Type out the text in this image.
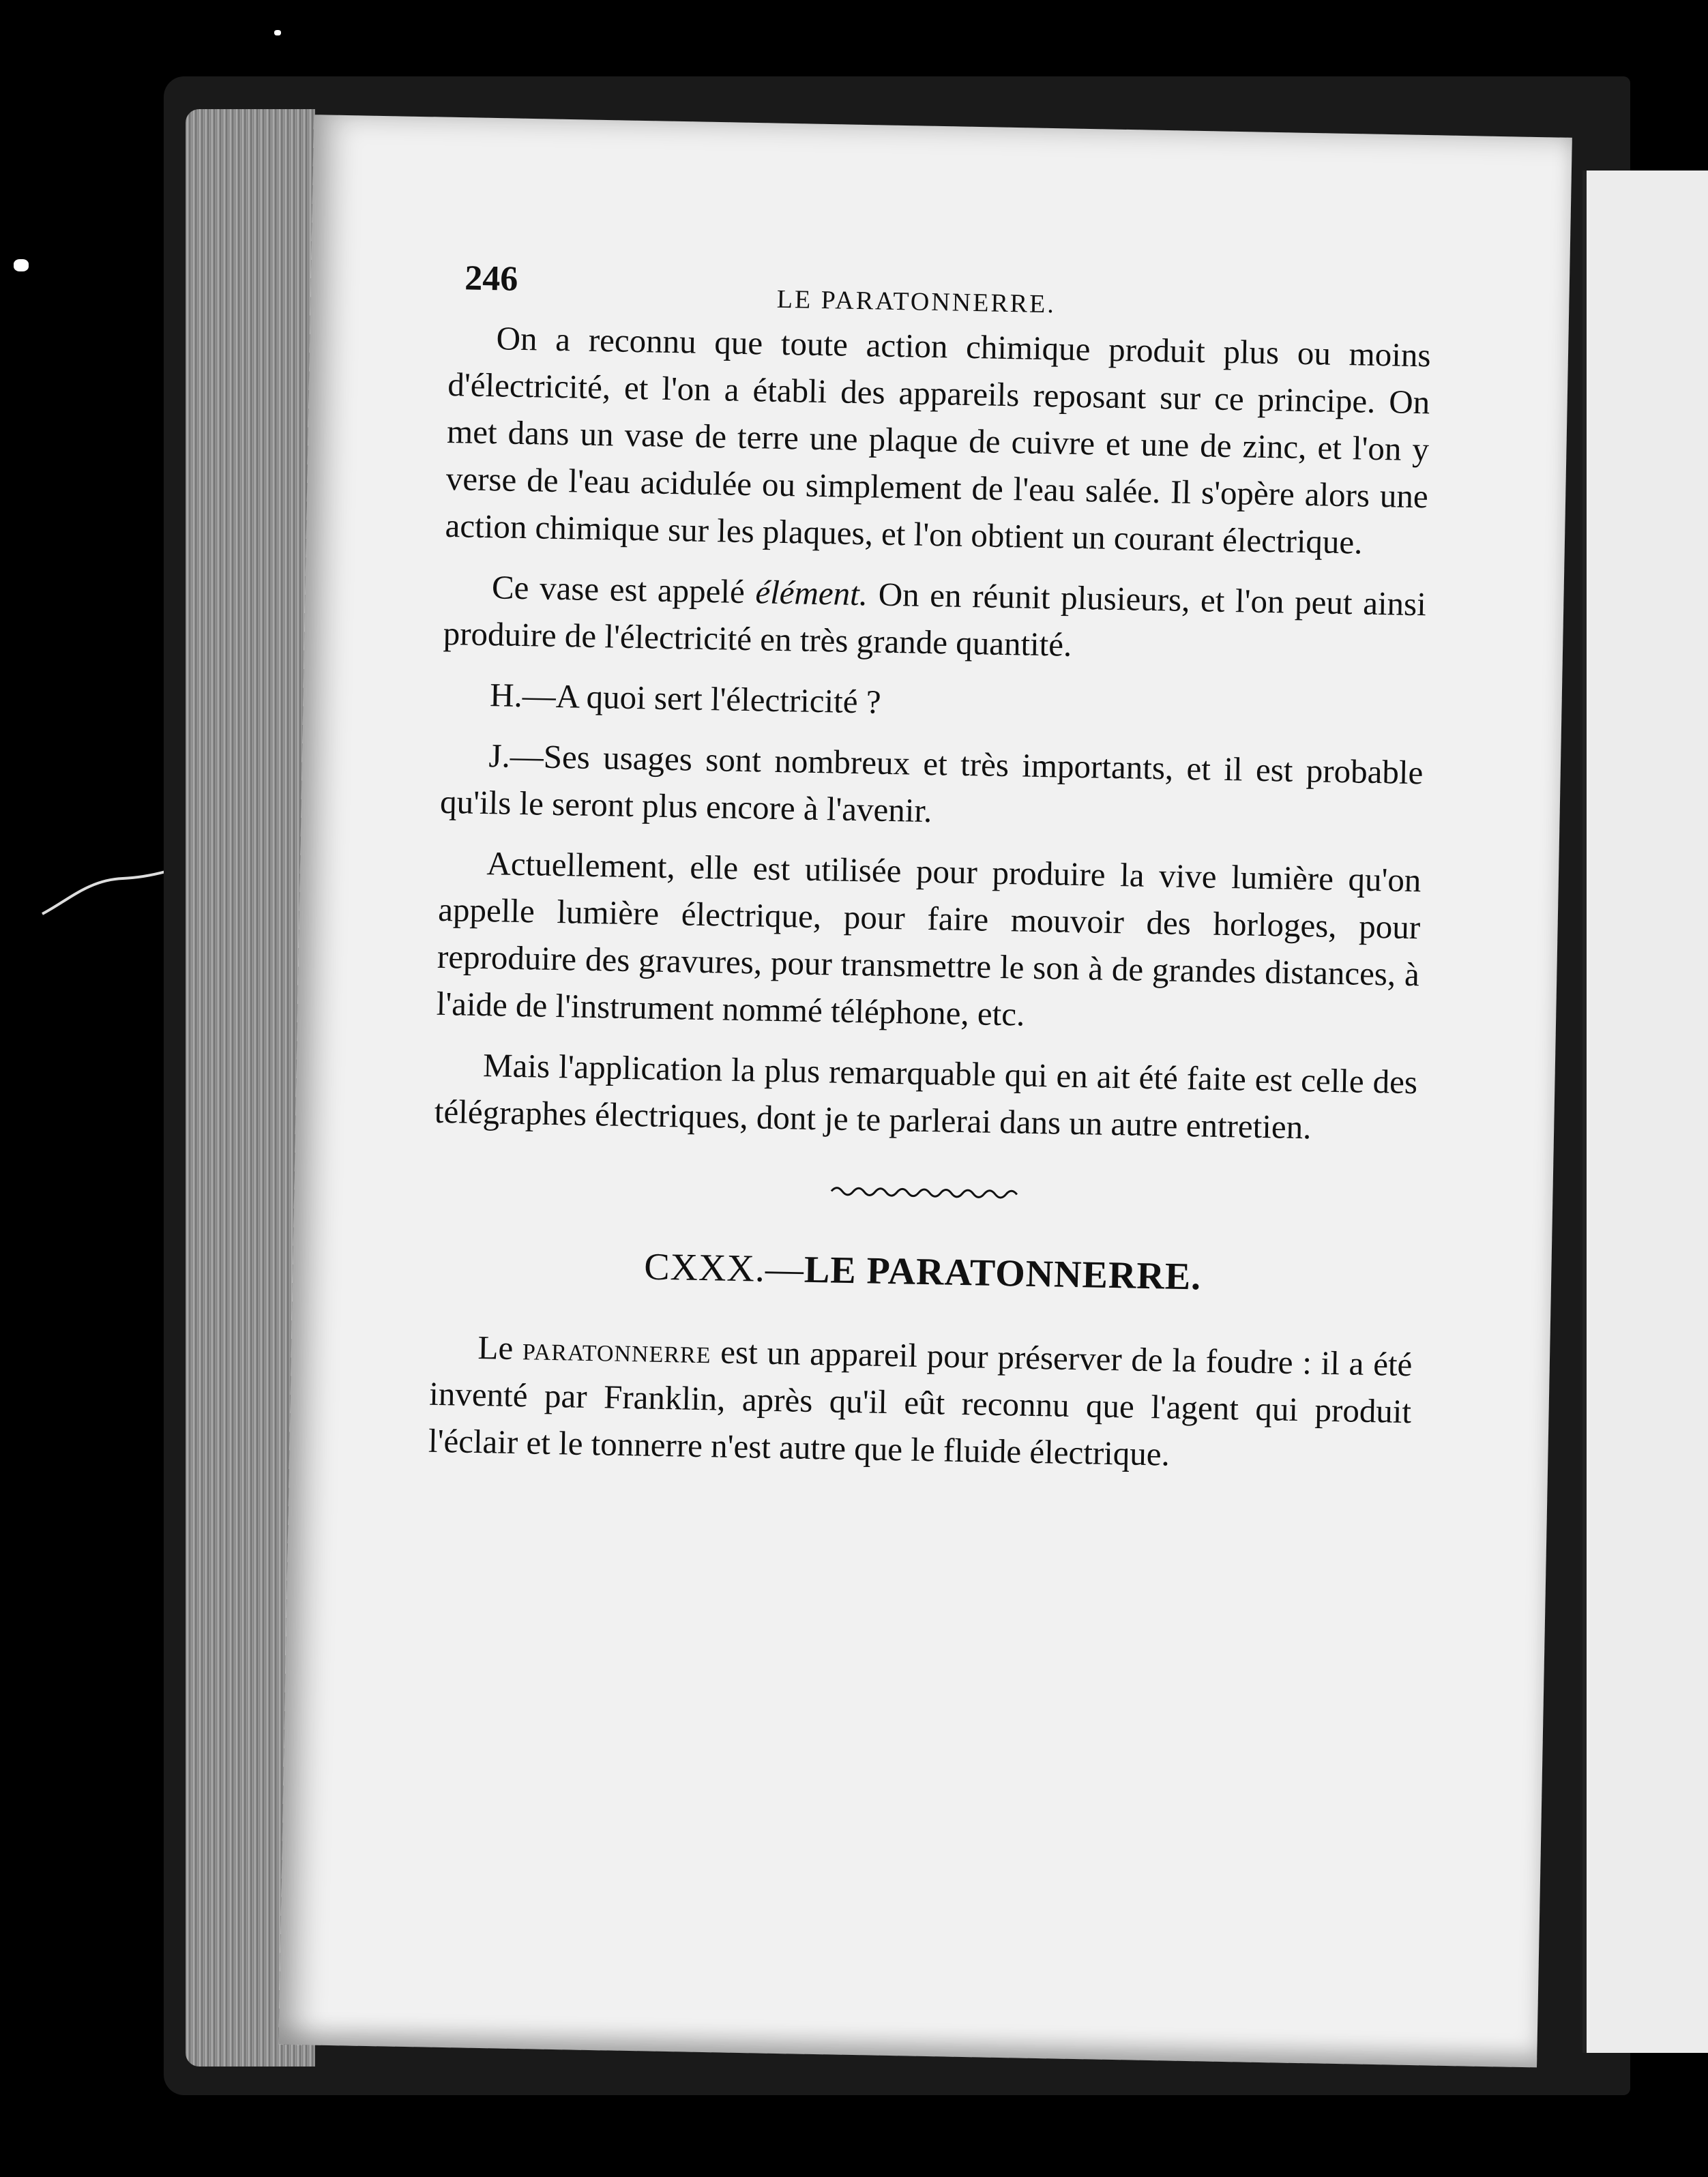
246
LE PARATONNERRE.

On a reconnu que toute action chimique produit plus ou moins d'électricité, et l'on a établi des appareils reposant sur ce principe. On met dans un vase de terre une plaque de cuivre et une de zinc, et l'on y verse de l'eau acidulée ou simplement de l'eau salée. Il s'opère alors une action chimique sur les plaques, et l'on obtient un courant électrique.

Ce vase est appelé élément. On en réunit plusieurs, et l'on peut ainsi produire de l'électricité en très grande quantité.

H.—A quoi sert l'électricité ?

J.—Ses usages sont nombreux et très importants, et il est probable qu'ils le seront plus encore à l'avenir.

Actuellement, elle est utilisée pour produire la vive lumière qu'on appelle lumière électrique, pour faire mouvoir des horloges, pour reproduire des gravures, pour transmettre le son à de grandes distances, à l'aide de l'instrument nommé téléphone, etc.

Mais l'application la plus remarquable qui en ait été faite est celle des télégraphes électriques, dont je te parlerai dans un autre entretien.

CXXX.—LE PARATONNERRE.

Le paratonnerre est un appareil pour préserver de la foudre : il a été inventé par Franklin, après qu'il eût reconnu que l'agent qui produit l'éclair et le tonnerre n'est autre que le fluide électrique.
